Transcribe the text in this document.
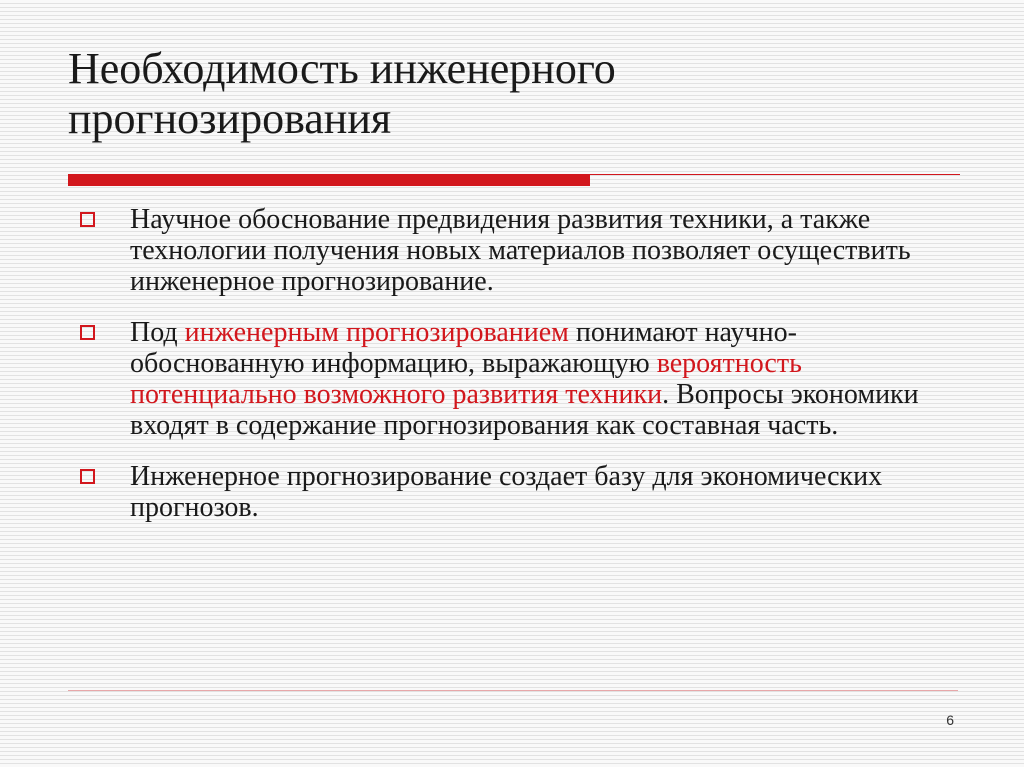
Необходимость инженерного прогнозирования
Научное обоснование предвидения развития техники, а также технологии получения новых материалов позволяет осуществить инженерное прогнозирование.
Под инженерным прогнозированием понимают научно-обоснованную информацию, выражающую вероятность потенциально возможного развития техники. Вопросы экономики входят в содержание прогнозирования как составная часть.
Инженерное прогнозирование создает базу для экономических прогнозов.
6
